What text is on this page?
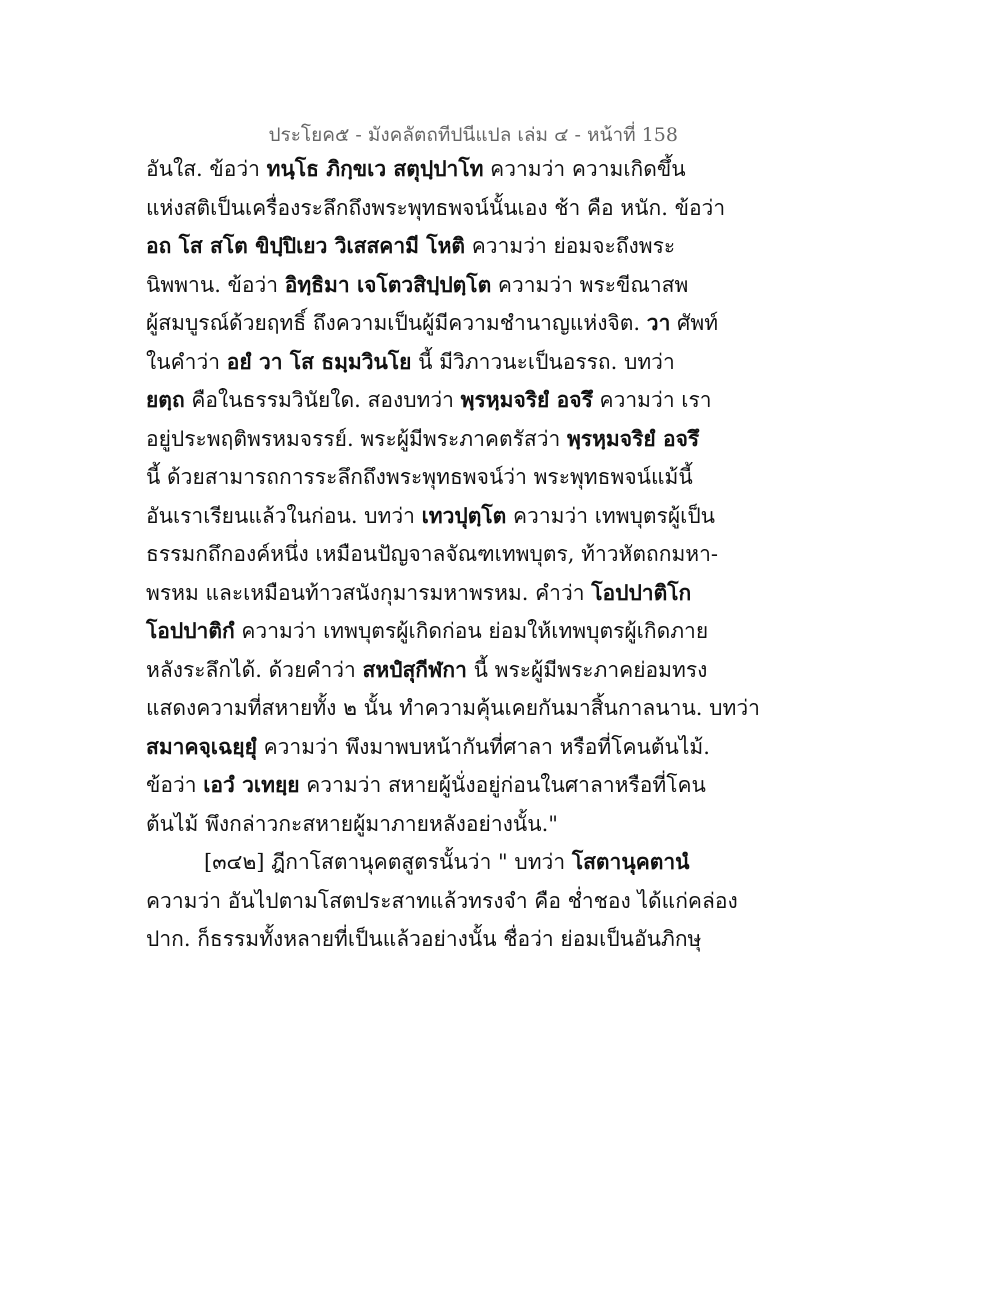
ประโยค๕ - มังคลัตถทีปนีแปล เล่ม ๔ - หน้าที่ 158
อันใส. ข้อว่า ทนฺโธ ภิกฺขเว สตุปฺปาโท ความว่า ความเกิดขึ้น
แห่งสติเป็นเครื่องระลึกถึงพระพุทธพจน์นั้นเอง ช้า คือ หนัก. ข้อว่า
อถ โส สโต ขิปฺปิเยว วิเสสคามี โหติ ความว่า ย่อมจะถึงพระ
นิพพาน. ข้อว่า อิทฺธิมา เจโตวสิปฺปตฺโต ความว่า พระขีณาสพ
ผู้สมบูรณ์ด้วยฤทธิ์ ถึงความเป็นผู้มีความชำนาญแห่งจิต. วา ศัพท์
ในคำว่า อยํ วา โส ธมฺมวินโย นี้ มีวิภาวนะเป็นอรรถ. บทว่า
ยตฺถ คือในธรรมวินัยใด. สองบทว่า พฺรหฺมจริยํ อจรึ ความว่า เรา
อยู่ประพฤติพรหมจรรย์. พระผู้มีพระภาคตรัสว่า พฺรหฺมจริยํ อจรึ
นี้ ด้วยสามารถการระลึกถึงพระพุทธพจน์ว่า พระพุทธพจน์แม้นี้
อันเราเรียนแล้วในก่อน. บทว่า เทวปุตฺโต ความว่า เทพบุตรผู้เป็น
ธรรมกถึกองค์หนึ่ง เหมือนปัญจาลจัณฑเทพบุตร, ท้าวหัตถกมหา-
พรหม และเหมือนท้าวสนังกุมารมหาพรหม. คำว่า โอปปาติโก
โอปปาติกํ ความว่า เทพบุตรผู้เกิดก่อน ย่อมให้เทพบุตรผู้เกิดภาย
หลังระลึกได้. ด้วยคำว่า สหปํสุกีฬกา นี้ พระผู้มีพระภาคย่อมทรง
แสดงความที่สหายทั้ง ๒ นั้น ทำความคุ้นเคยกันมาสิ้นกาลนาน. บทว่า
สมาคจฺเฉยฺยุํ ความว่า พึงมาพบหน้ากันที่ศาลา หรือที่โคนต้นไม้.
ข้อว่า เอวํ วเทยฺย ความว่า สหายผู้นั่งอยู่ก่อนในศาลาหรือที่โคน
ต้นไม้ พึงกล่าวกะสหายผู้มาภายหลังอย่างนั้น."
[๓๔๒] ฎีกาโสตานุคตสูตรนั้นว่า " บทว่า โสตานุคตานํ
ความว่า อันไปตามโสตประสาทแล้วทรงจำ คือ ช่ำชอง ได้แก่คล่อง
ปาก. ก็ธรรมทั้งหลายที่เป็นแล้วอย่างนั้น ชื่อว่า ย่อมเป็นอันภิกษุ
